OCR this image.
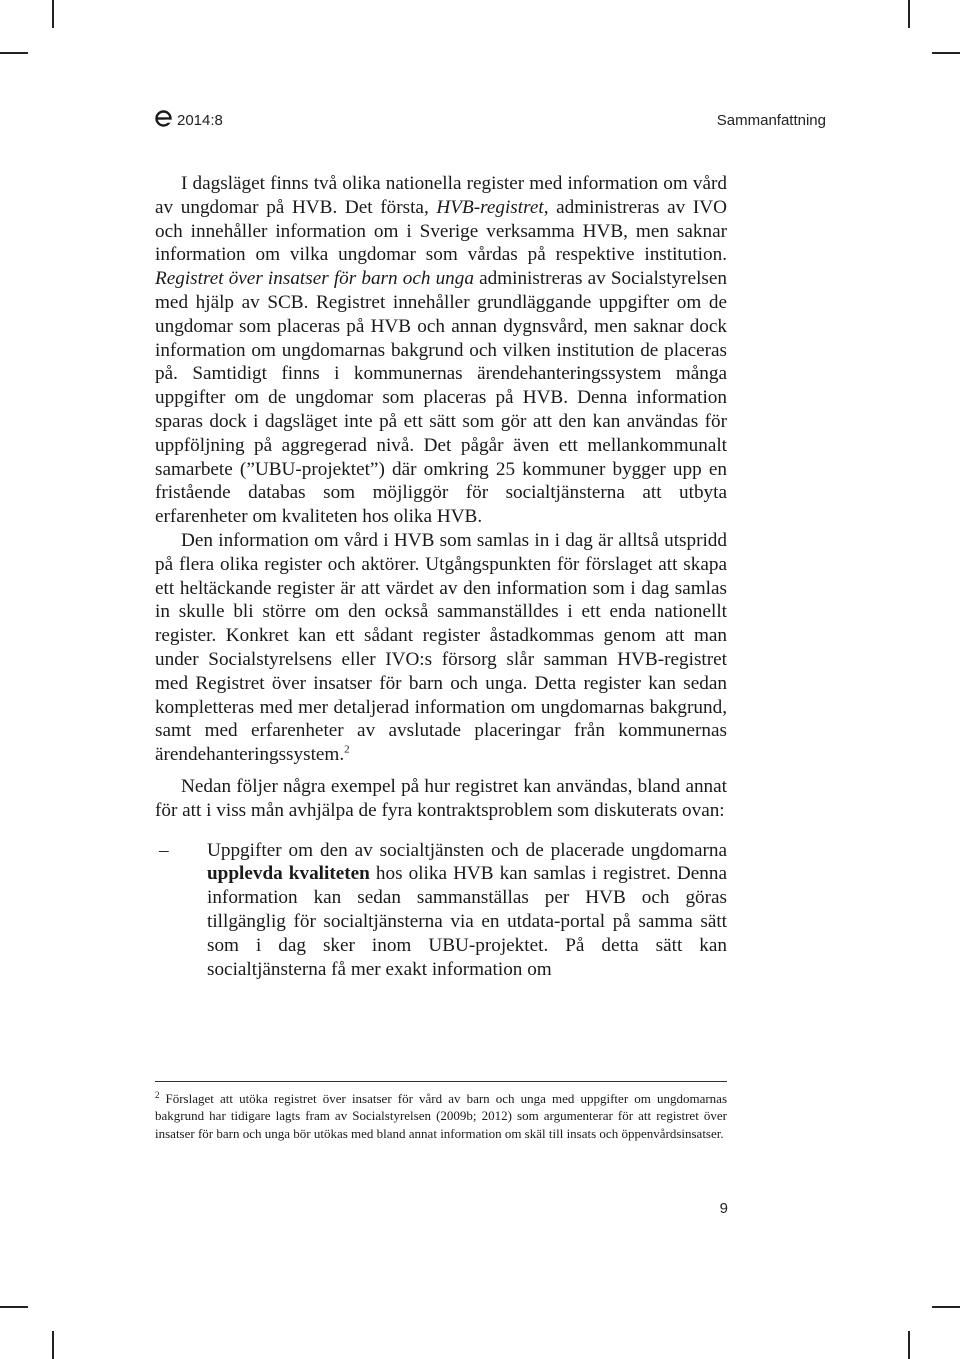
2014:8	Sammanfattning

I dagsläget finns två olika nationella register med information om vård av ungdomar på HVB. Det första, HVB-registret, administreras av IVO och innehåller information om i Sverige verksamma HVB, men saknar information om vilka ungdomar som vårdas på respektive institution. Registret över insatser för barn och unga administreras av Socialstyrelsen med hjälp av SCB. Registret innehåller grundläggande uppgifter om de ungdomar som placeras på HVB och annan dygnsvård, men saknar dock information om ungdomarnas bakgrund och vilken institution de placeras på. Samtidigt finns i kommunernas ärendehanteringssystem många uppgifter om de ungdomar som placeras på HVB. Denna information sparas dock i dagsläget inte på ett sätt som gör att den kan användas för uppföljning på aggregerad nivå. Det pågår även ett mellankommunalt samarbete (”UBU-projektet”) där omkring 25 kommuner bygger upp en fristående databas som möjliggör för socialtjänsterna att utbyta erfarenheter om kvaliteten hos olika HVB.

Den information om vård i HVB som samlas in i dag är alltså utspridd på flera olika register och aktörer. Utgångspunkten för förslaget att skapa ett heltäckande register är att värdet av den information som i dag samlas in skulle bli större om den också sammanställdes i ett enda nationellt register. Konkret kan ett sådant register åstadkommas genom att man under Socialstyrelsens eller IVO:s försorg slår samman HVB-registret med Registret över insatser för barn och unga. Detta register kan sedan kompletteras med mer detaljerad information om ungdomarnas bakgrund, samt med erfarenheter av avslutade placeringar från kommunernas ärendehanteringssystem.$^2$

Nedan följer några exempel på hur registret kan användas, bland annat för att i viss mån avhjälpa de fyra kontraktsproblem som diskuterats ovan:

– Uppgifter om den av socialtjänsten och de placerade ungdomarna upplevda kvaliteten hos olika HVB kan samlas i registret. Denna information kan sedan sammanställas per HVB och göras tillgänglig för socialtjänsterna via en utdata-portal på samma sätt som i dag sker inom UBU-projektet. På detta sätt kan socialtjänsterna få mer exakt information om
$^2$ Förslaget att utöka registret över insatser för vård av barn och unga med uppgifter om ungdomarnas bakgrund har tidigare lagts fram av Socialstyrelsen (2009b; 2012) som argumenterar för att registret över insatser för barn och unga bör utökas med bland annat information om skäl till insats och öppenvårdsinsatser.
9
